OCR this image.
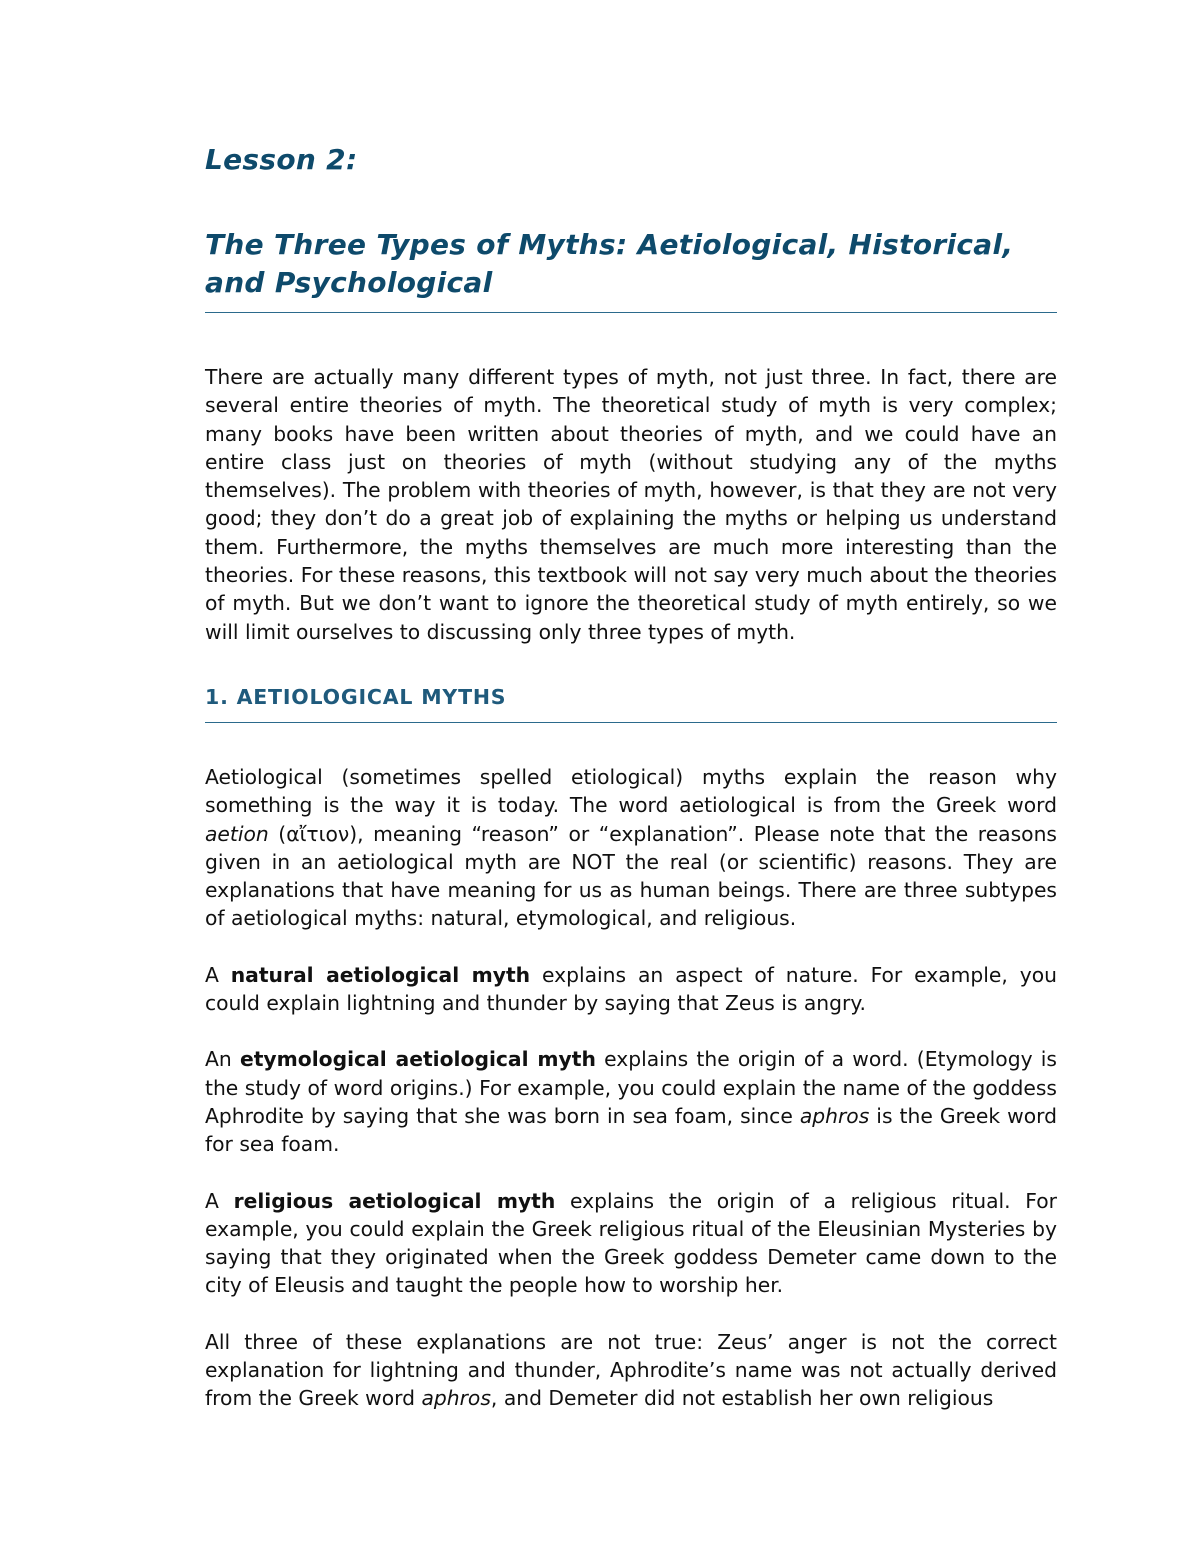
Lesson 2:
The Three Types of Myths: Aetiological, Historical, and Psychological

There are actually many different types of myth, not just three. In fact, there are several entire theories of myth. The theoretical study of myth is very complex; many books have been written about theories of myth, and we could have an entire class just on theories of myth (without studying any of the myths themselves). The problem with theories of myth, however, is that they are not very good; they don’t do a great job of explaining the myths or helping us understand them. Furthermore, the myths themselves are much more interesting than the theories. For these reasons, this textbook will not say very much about the theories of myth. But we don’t want to ignore the theoretical study of myth entirely, so we will limit ourselves to discussing only three types of myth.

1. AETIOLOGICAL MYTHS

Aetiological (sometimes spelled etiological) myths explain the reason why something is the way it is today. The word aetiological is from the Greek word aetion (αἴτιον), meaning “reason” or “explanation”. Please note that the reasons given in an aetiological myth are NOT the real (or scientific) reasons. They are explanations that have meaning for us as human beings. There are three subtypes of aetiological myths: natural, etymological, and religious.

A natural aetiological myth explains an aspect of nature. For example, you could explain lightning and thunder by saying that Zeus is angry.

An etymological aetiological myth explains the origin of a word. (Etymology is the study of word origins.) For example, you could explain the name of the goddess Aphrodite by saying that she was born in sea foam, since aphros is the Greek word for sea foam.

A religious aetiological myth explains the origin of a religious ritual. For example, you could explain the Greek religious ritual of the Eleusinian Mysteries by saying that they originated when the Greek goddess Demeter came down to the city of Eleusis and taught the people how to worship her.

All three of these explanations are not true: Zeus’ anger is not the correct explanation for lightning and thunder, Aphrodite’s name was not actually derived from the Greek word aphros, and Demeter did not establish her own religious
